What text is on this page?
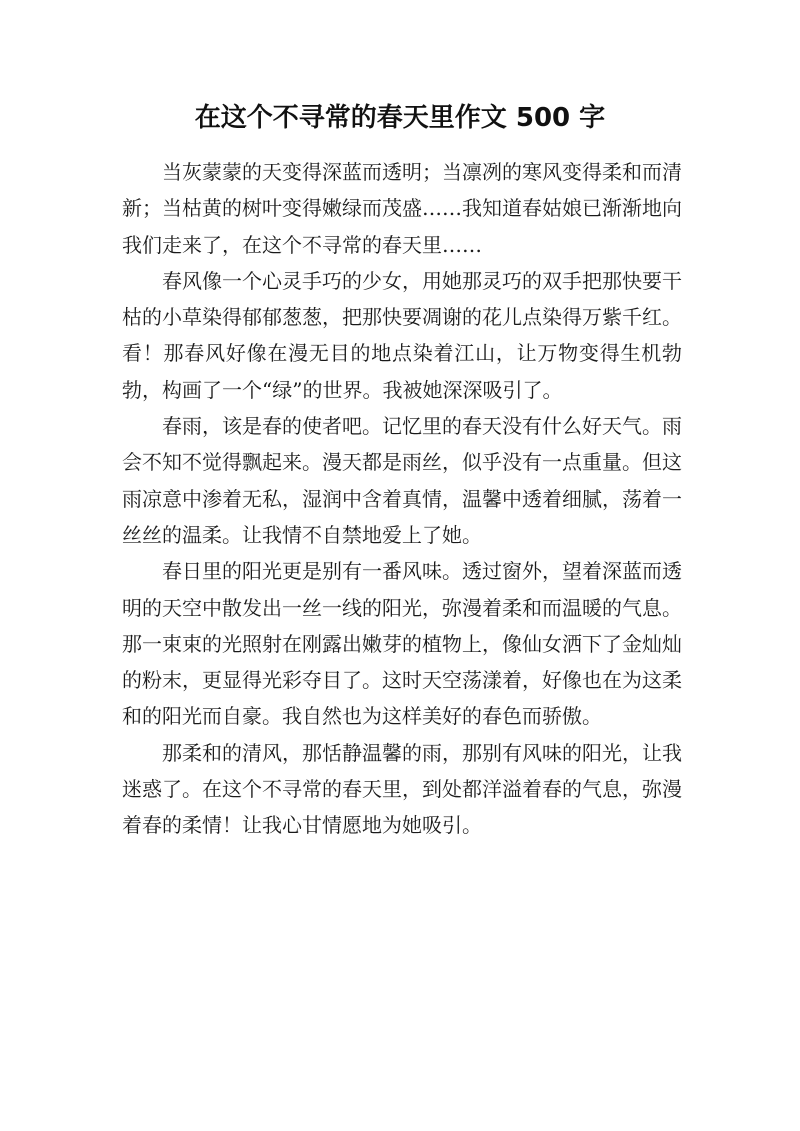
在这个不寻常的春天里作文 500 字

当灰蒙蒙的天变得深蓝而透明；当凛冽的寒风变得柔和而清新；当枯黄的树叶变得嫩绿而茂盛……我知道春姑娘已渐渐地向我们走来了，在这个不寻常的春天里……

春风像一个心灵手巧的少女，用她那灵巧的双手把那快要干枯的小草染得郁郁葱葱，把那快要凋谢的花儿点染得万紫千红。看！那春风好像在漫无目的地点染着江山，让万物变得生机勃勃，构画了一个“绿”的世界。我被她深深吸引了。

春雨，该是春的使者吧。记忆里的春天没有什么好天气。雨会不知不觉得飘起来。漫天都是雨丝，似乎没有一点重量。但这雨凉意中渗着无私，湿润中含着真情，温馨中透着细腻，荡着一丝丝的温柔。让我情不自禁地爱上了她。

春日里的阳光更是别有一番风味。透过窗外，望着深蓝而透明的天空中散发出一丝一线的阳光，弥漫着柔和而温暖的气息。那一束束的光照射在刚露出嫩芽的植物上，像仙女洒下了金灿灿的粉末，更显得光彩夺目了。这时天空荡漾着，好像也在为这柔和的阳光而自豪。我自然也为这样美好的春色而骄傲。

那柔和的清风，那恬静温馨的雨，那别有风味的阳光，让我迷惑了。在这个不寻常的春天里，到处都洋溢着春的气息，弥漫着春的柔情！让我心甘情愿地为她吸引。
